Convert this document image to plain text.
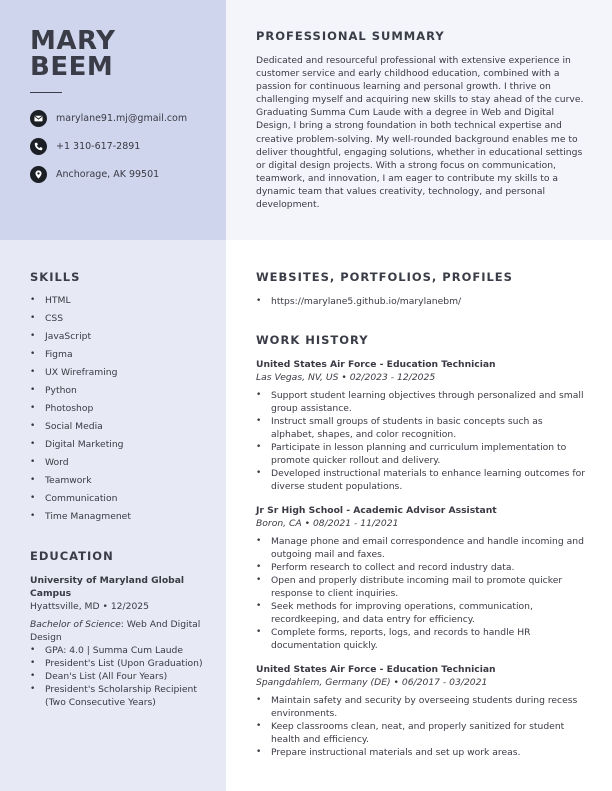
MARY
BEEM
marylane91.mj@gmail.com
+1 310-617-2891
Anchorage, AK 99501
PROFESSIONAL SUMMARY

Dedicated and resourceful professional with extensive experience in customer service and early childhood education, combined with a passion for continuous learning and personal growth. I thrive on challenging myself and acquiring new skills to stay ahead of the curve. Graduating Summa Cum Laude with a degree in Web and Digital Design, I bring a strong foundation in both technical expertise and creative problem-solving. My well-rounded background enables me to deliver thoughtful, engaging solutions, whether in educational settings or digital design projects. With a strong focus on communication, teamwork, and innovation, I am eager to contribute my skills to a dynamic team that values creativity, technology, and personal development.

SKILLS
• HTML
• CSS
• JavaScript
• Figma
• UX Wireframing
• Python
• Photoshop
• Social Media
• Digital Marketing
• Word
• Teamwork
• Communication
• Time Managmenet
EDUCATION
University of Maryland Global Campus
Hyattsville, MD • 12/2025
Bachelor of Science: Web And Digital Design
• GPA: 4.0 | Summa Cum Laude
• President's List (Upon Graduation)
• Dean's List (All Four Years)
• President's Scholarship Recipient (Two Consecutive Years)
WEBSITES, PORTFOLIOS, PROFILES
• https://marylane5.github.io/marylanebm/
WORK HISTORY
United States Air Force - Education Technician
Las Vegas, NV, US • 02/2023 - 12/2025
• Support student learning objectives through personalized and small group assistance.
• Instruct small groups of students in basic concepts such as alphabet, shapes, and color recognition.
• Participate in lesson planning and curriculum implementation to promote quicker rollout and delivery.
• Developed instructional materials to enhance learning outcomes for diverse student populations.
Jr Sr High School - Academic Advisor Assistant
Boron, CA • 08/2021 - 11/2021
• Manage phone and email correspondence and handle incoming and outgoing mail and faxes.
• Perform research to collect and record industry data.
• Open and properly distribute incoming mail to promote quicker response to client inquiries.
• Seek methods for improving operations, communication, recordkeeping, and data entry for efficiency.
• Complete forms, reports, logs, and records to handle HR documentation quickly.
United States Air Force - Education Technician
Spangdahlem, Germany (DE) • 06/2017 - 03/2021
• Maintain safety and security by overseeing students during recess environments.
• Keep classrooms clean, neat, and properly sanitized for student health and efficiency.
• Prepare instructional materials and set up work areas.
